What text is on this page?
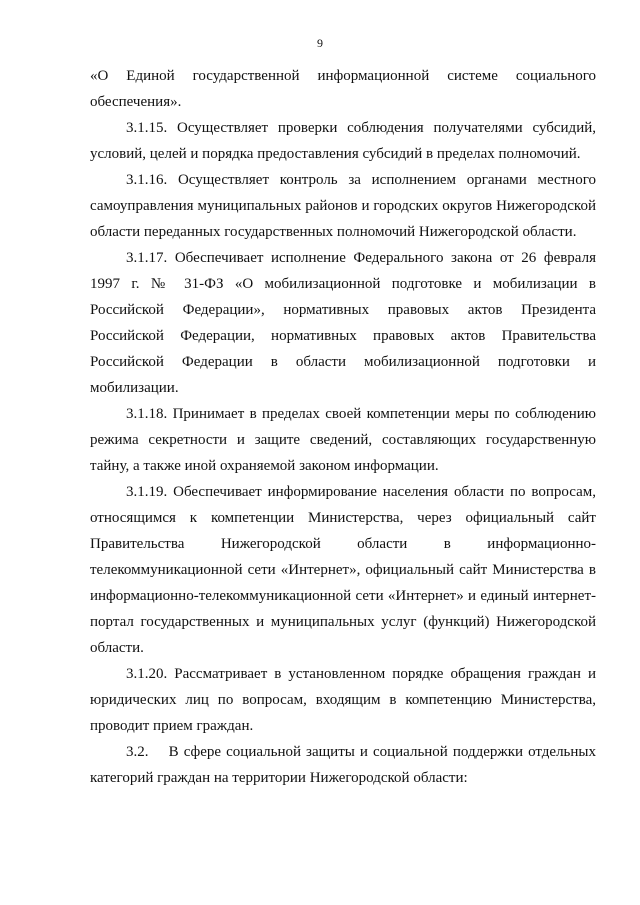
9

«О Единой государственной информационной системе социального обеспечения».

3.1.15. Осуществляет проверки соблюдения получателями субсидий, условий, целей и порядка предоставления субсидий в пределах полномочий.

3.1.16. Осуществляет контроль за исполнением органами местного самоуправления муниципальных районов и городских округов Нижегородской области переданных государственных полномочий Нижегородской области.

3.1.17. Обеспечивает исполнение Федерального закона от 26 февраля 1997 г. № 31-ФЗ «О мобилизационной подготовке и мобилизации в Российской Федерации», нормативных правовых актов Президента Российской Федерации, нормативных правовых актов Правительства Российской Федерации в области мобилизационной подготовки и мобилизации.

3.1.18. Принимает в пределах своей компетенции меры по соблюдению режима секретности и защите сведений, составляющих государственную тайну, а также иной охраняемой законом информации.

3.1.19. Обеспечивает информирование населения области по вопросам, относящимся к компетенции Министерства, через официальный сайт Правительства Нижегородской области в информационно-телекоммуникационной сети «Интернет», официальный сайт Министерства в информационно-телекоммуникационной сети «Интернет» и единый интернет-портал государственных и муниципальных услуг (функций) Нижегородской области.

3.1.20. Рассматривает в установленном порядке обращения граждан и юридических лиц по вопросам, входящим в компетенцию Министерства, проводит прием граждан.

3.2.    В сфере социальной защиты и социальной поддержки отдельных категорий граждан на территории Нижегородской области:
